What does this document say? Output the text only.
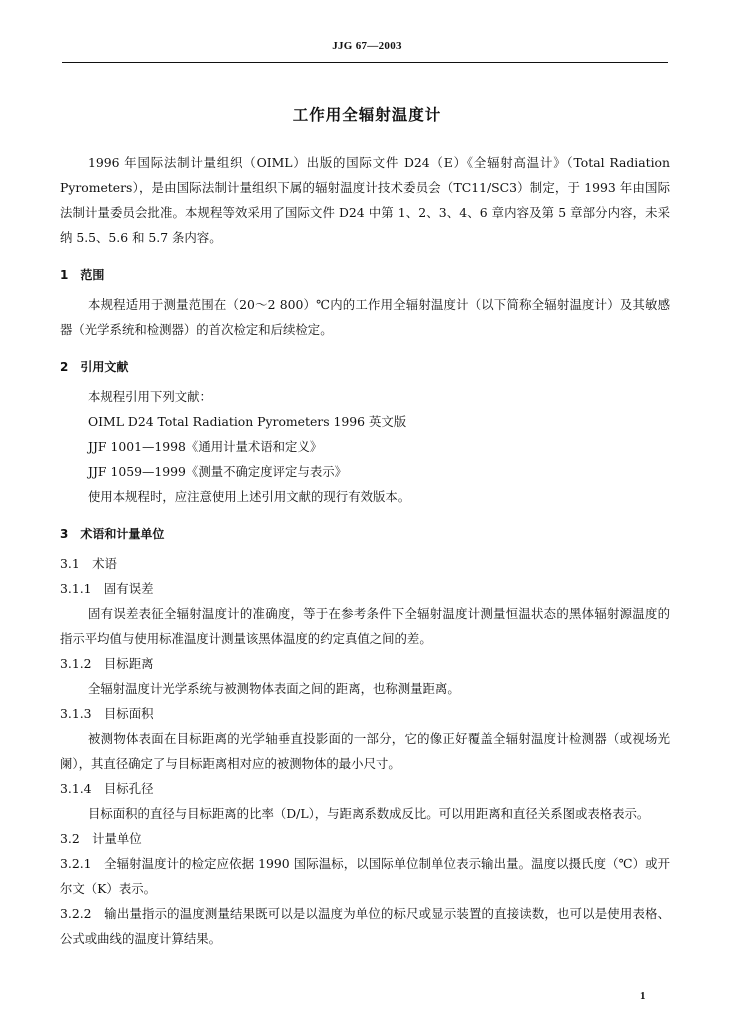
JJG 67—2003
工作用全辐射温度计

1996 年国际法制计量组织（OIML）出版的国际文件 D24（E）《全辐射高温计》（Total Radiation Pyrometers），是由国际法制计量组织下属的辐射温度计技术委员会（TC11/SC3）制定，于 1993 年由国际法制计量委员会批准。本规程等效采用了国际文件 D24 中第 1、2、3、4、6 章内容及第 5 章部分内容，未采纳 5.5、5.6 和 5.7 条内容。

1　范围

本规程适用于测量范围在（20～2 800）℃内的工作用全辐射温度计（以下简称全辐射温度计）及其敏感器（光学系统和检测器）的首次检定和后续检定。

2　引用文献

本规程引用下列文献：

OIML D24 Total Radiation Pyrometers 1996 英文版

JJF 1001—1998《通用计量术语和定义》

JJF 1059—1999《测量不确定度评定与表示》

使用本规程时，应注意使用上述引用文献的现行有效版本。

3　术语和计量单位

3.1　术语

3.1.1　固有误差

固有误差表征全辐射温度计的准确度，等于在参考条件下全辐射温度计测量恒温状态的黑体辐射源温度的指示平均值与使用标准温度计测量该黑体温度的约定真值之间的差。

3.1.2　目标距离

全辐射温度计光学系统与被测物体表面之间的距离，也称测量距离。

3.1.3　目标面积

被测物体表面在目标距离的光学轴垂直投影面的一部分，它的像正好覆盖全辐射温度计检测器（或视场光阑），其直径确定了与目标距离相对应的被测物体的最小尺寸。

3.1.4　目标孔径

目标面积的直径与目标距离的比率（D/L），与距离系数成反比。可以用距离和直径关系图或表格表示。

3.2　计量单位

3.2.1　全辐射温度计的检定应依据 1990 国际温标，以国际单位制单位表示输出量。温度以摄氏度（℃）或开尔文（K）表示。

3.2.2　输出量指示的温度测量结果既可以是以温度为单位的标尺或显示装置的直接读数，也可以是使用表格、公式或曲线的温度计算结果。

1
